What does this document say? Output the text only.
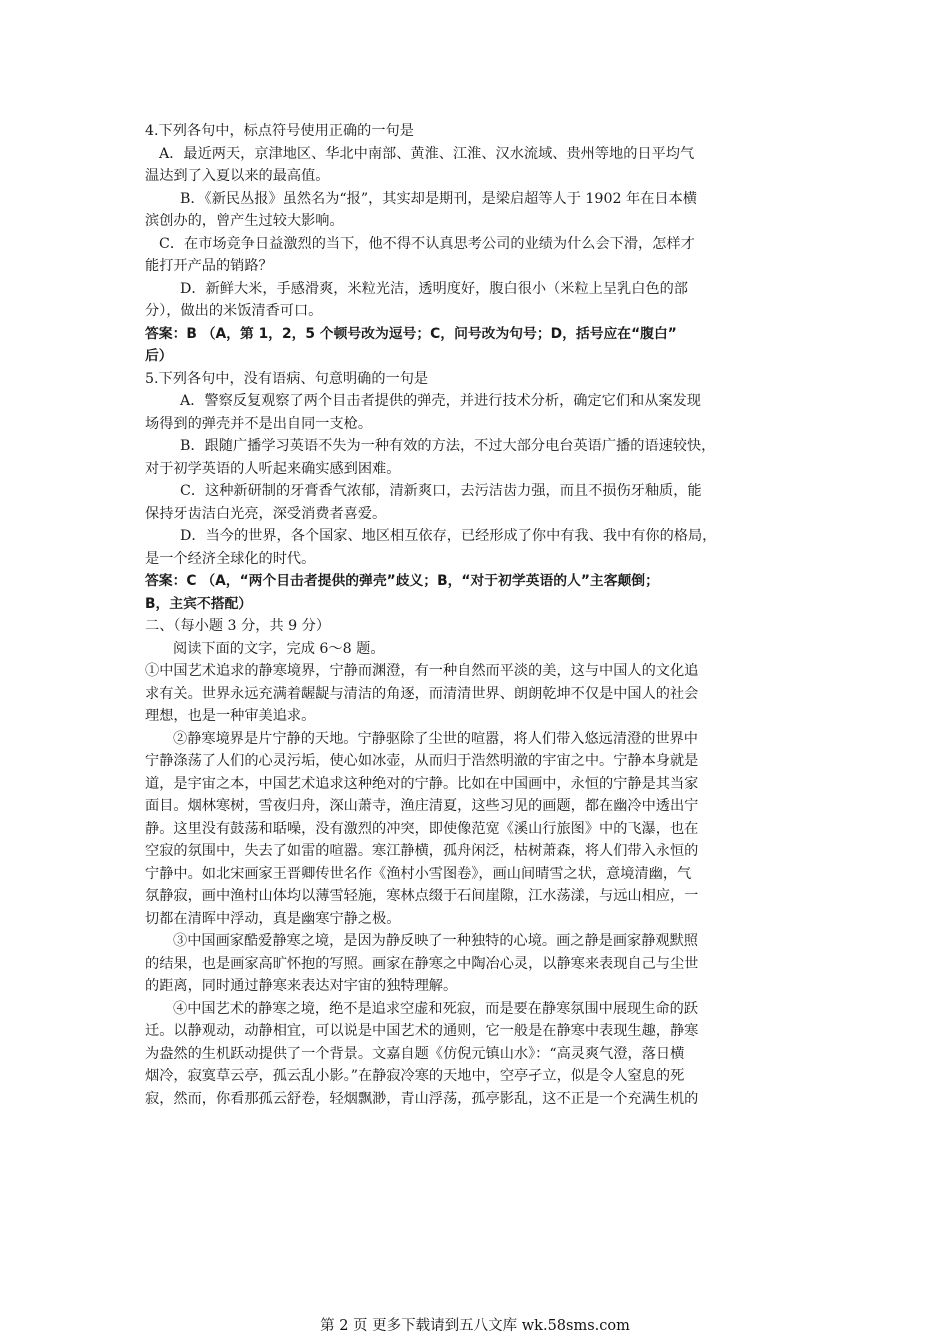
4.下列各句中，标点符号使用正确的一句是
A．最近两天，京津地区、华北中南部、黄淮、江淮、汉水流域、贵州等地的日平均气
温达到了入夏以来的最高值。
B．《新民丛报》虽然名为“报”，其实却是期刊，是梁启超等人于 1902 年在日本横
滨创办的，曾产生过较大影响。
C．在市场竞争日益激烈的当下，他不得不认真思考公司的业绩为什么会下滑，怎样才
能打开产品的销路？
D．新鲜大米，手感滑爽，米粒光洁，透明度好，腹白很小（米粒上呈乳白色的部
分），做出的米饭清香可口。
答案：B （A，第 1，2，5 个顿号改为逗号；C，问号改为句号；D，括号应在“腹白”
后）
5.下列各句中，没有语病、句意明确的一句是
A．警察反复观察了两个目击者提供的弹壳，并进行技术分析，确定它们和从案发现
场得到的弹壳并不是出自同一支枪。
B．跟随广播学习英语不失为一种有效的方法，不过大部分电台英语广播的语速较快，
对于初学英语的人听起来确实感到困难。
C．这种新研制的牙膏香气浓郁，清新爽口，去污洁齿力强，而且不损伤牙釉质，能
保持牙齿洁白光亮，深受消费者喜爱。
D．当今的世界，各个国家、地区相互依存，已经形成了你中有我、我中有你的格局，
是一个经济全球化的时代。
答案：C （A，“两个目击者提供的弹壳”歧义；B，“对于初学英语的人”主客颠倒；
B，主宾不搭配）
二、（每小题 3 分，共 9 分）
阅读下面的文字，完成 6～8 题。
①中国艺术追求的静寒境界，宁静而渊澄，有一种自然而平淡的美，这与中国人的文化追
求有关。世界永远充满着龌龊与清洁的角逐，而清清世界、朗朗乾坤不仅是中国人的社会
理想，也是一种审美追求。
②静寒境界是片宁静的天地。宁静驱除了尘世的喧嚣，将人们带入悠远清澄的世界中
宁静涤荡了人们的心灵污垢，使心如冰壶，从而归于浩然明澈的宇宙之中。宁静本身就是
道，是宇宙之本，中国艺术追求这种绝对的宁静。比如在中国画中，永恒的宁静是其当家
面目。烟林寒树，雪夜归舟，深山萧寺，渔庄清夏，这些习见的画题，都在幽冷中透出宁
静。这里没有鼓荡和聒噪，没有激烈的冲突，即使像范宽《溪山行旅图》中的飞瀑，也在
空寂的氛围中，失去了如雷的喧嚣。寒江静横，孤舟闲泛，枯树萧森，将人们带入永恒的
宁静中。如北宋画家王晋卿传世名作《渔村小雪图卷》，画山间晴雪之状，意境清幽，气
氛静寂，画中渔村山体均以薄雪轻施，寒林点缀于石间崖隙，江水荡漾，与远山相应，一
切都在清晖中浮动，真是幽寒宁静之极。
③中国画家酷爱静寒之境，是因为静反映了一种独特的心境。画之静是画家静观默照
的结果，也是画家高旷怀抱的写照。画家在静寒之中陶冶心灵，以静寒来表现自己与尘世
的距离，同时通过静寒来表达对宇宙的独特理解。
④中国艺术的静寒之境，绝不是追求空虚和死寂，而是要在静寒氛围中展现生命的跃
迁。以静观动，动静相宜，可以说是中国艺术的通则，它一般是在静寒中表现生趣，静寒
为盎然的生机跃动提供了一个背景。文嘉自题《仿倪元镇山水》：“高灵爽气澄，落日横
烟冷，寂寞草云亭，孤云乱小影。”在静寂冷寒的天地中，空亭孑立，似是令人窒息的死
寂，然而，你看那孤云舒卷，轻烟飘渺，青山浮荡，孤亭影乱，这不正是一个充满生机的
第 2 页 更多下载请到五八文库 wk.58sms.com
